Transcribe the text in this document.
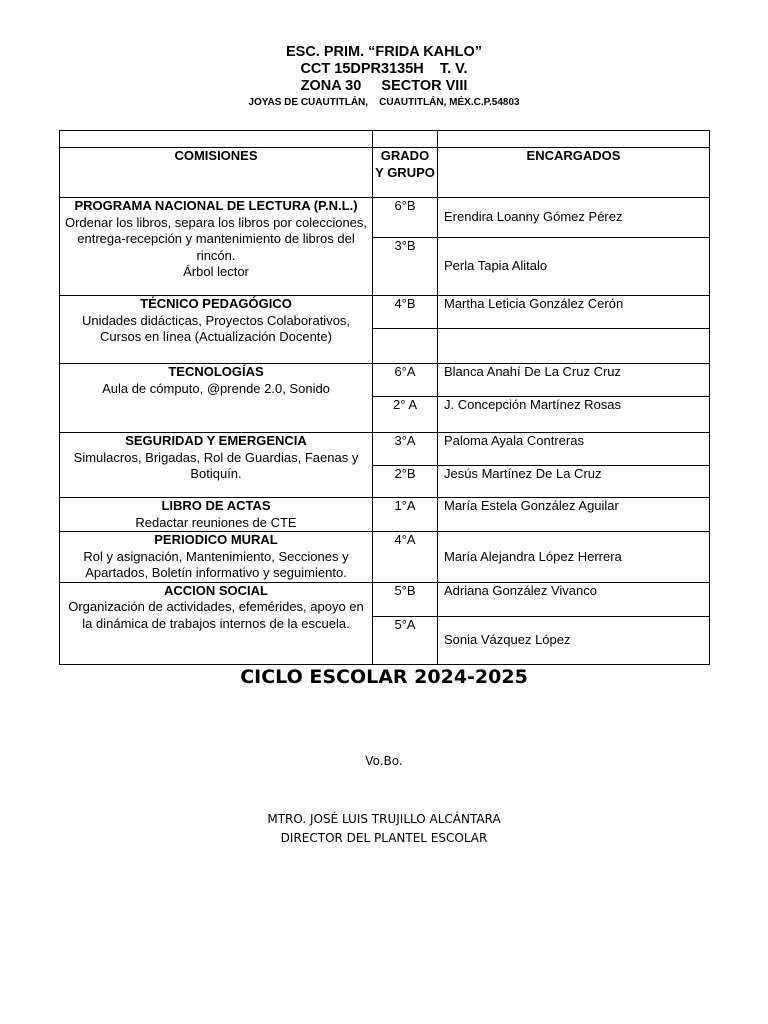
ESC. PRIM. “FRIDA KAHLO”
CCT 15DPR3135H    T. V.
ZONA 30     SECTOR VIII
JOYAS DE CUAUTITLÁN,    CUAUTITLÁN, MÉX.C.P.54803

COMISIONES	GRADO Y GRUPO	ENCARGADOS

PROGRAMA NACIONAL DE LECTURA (P.N.L.)
Ordenar los libros, separa los libros por colecciones, entrega-recepción y mantenimiento de libros del rincón.
Árbol lector	6°B	Erendira Loanny Gómez Pérez
	3°B	Perla Tapia Alitalo

TÉCNICO PEDAGÓGICO
Unidades didácticas, Proyectos Colaborativos, Cursos en línea (Actualización Docente)	4°B	Martha Leticia González Cerón

TECNOLOGÍAS
Aula de cómputo, @prende 2.0, Sonido	6°A	Blanca Anahí De La Cruz Cruz
	2° A	J. Concepción Martínez Rosas

SEGURIDAD Y EMERGENCIA
Simulacros, Brigadas, Rol de Guardias, Faenas y Botiquín.	3°A	Paloma Ayala Contreras
	2°B	Jesús Martínez De La Cruz

LIBRO DE ACTAS
Redactar reuniones de CTE	1°A	María Estela González Aguilar

PERIODICO MURAL
Rol y asignación, Mantenimiento, Secciones y Apartados, Boletín informativo y seguimiento.	4°A	María Alejandra López Herrera

ACCION SOCIAL
Organización de actividades, efemérides, apoyo en la dinámica de trabajos internos de la escuela.	5°B	Adriana González Vivanco
	5°A	Sonia Vázquez López
CICLO ESCOLAR 2024-2025
Vo.Bo.
MTRO. JOSÉ LUIS TRUJILLO ALCÁNTARA
DIRECTOR DEL PLANTEL ESCOLAR
